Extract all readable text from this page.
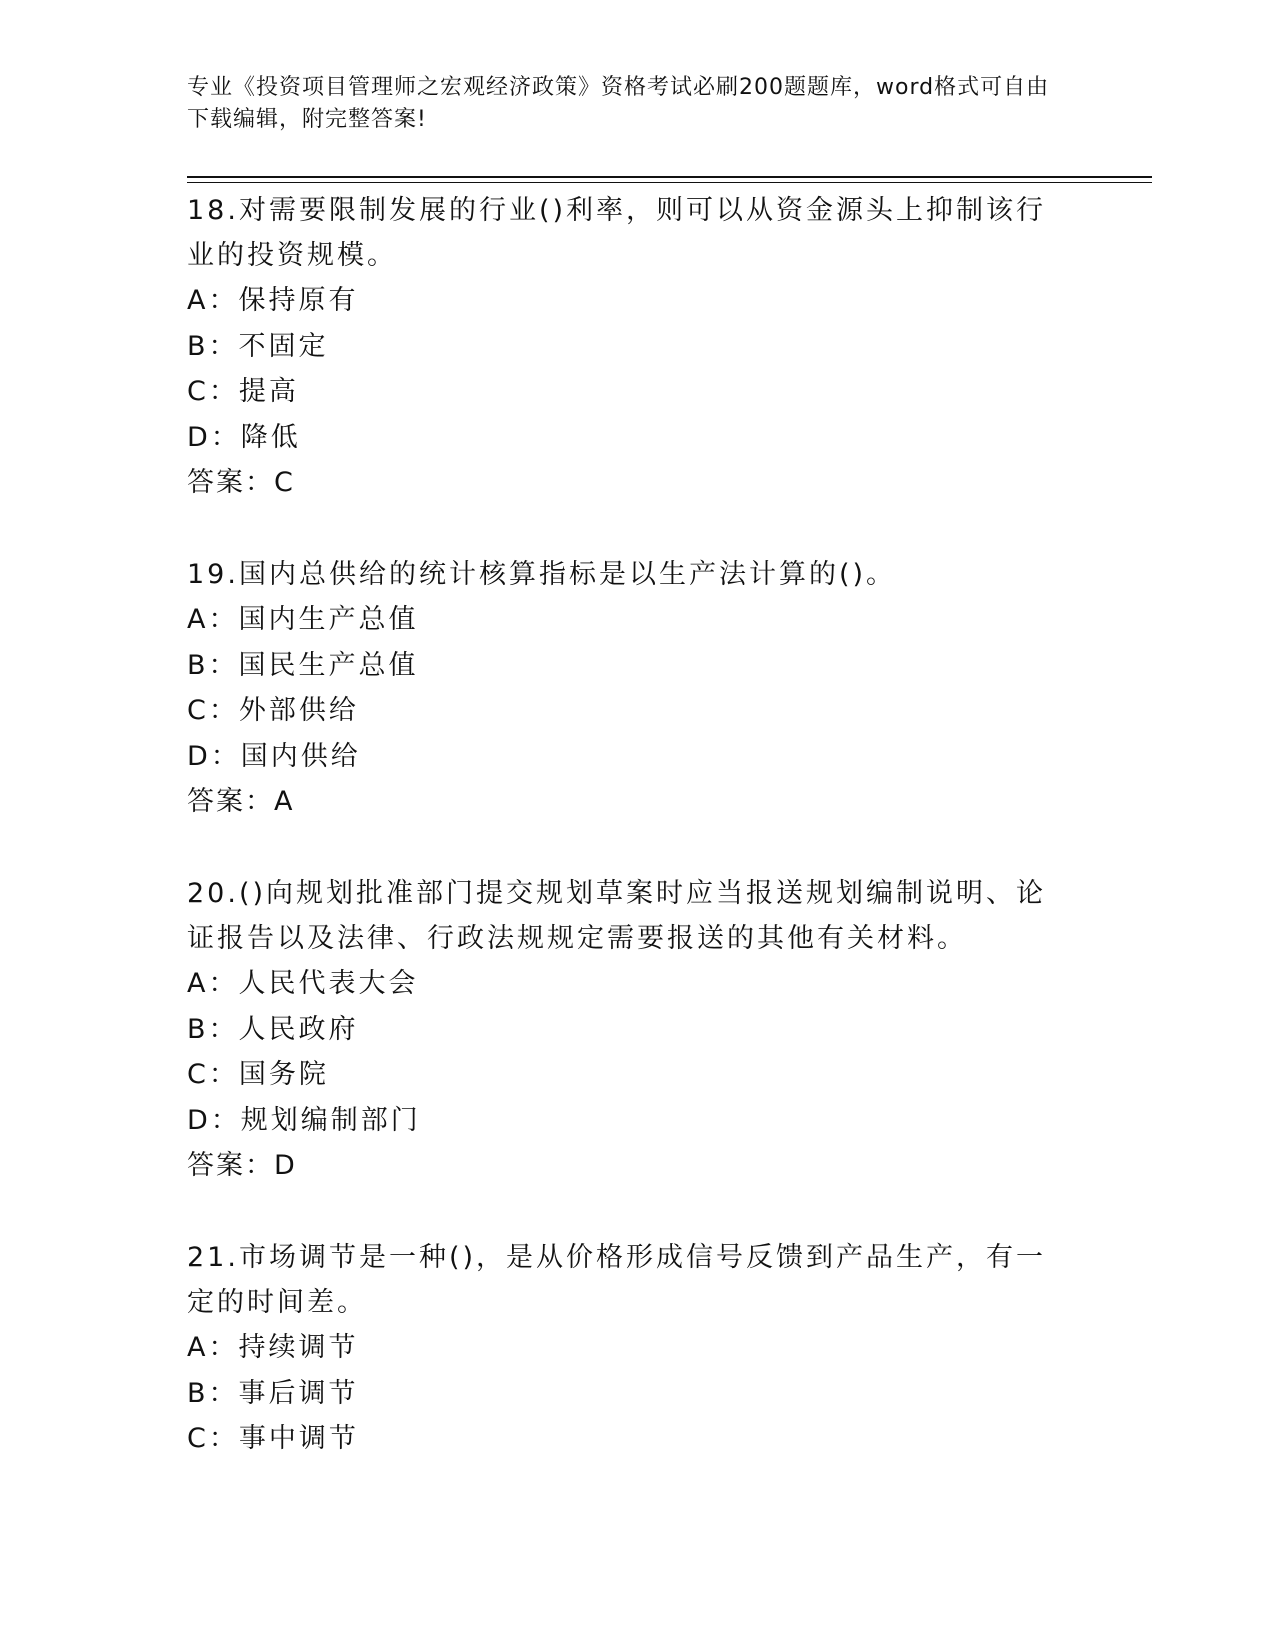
专业《投资项目管理师之宏观经济政策》资格考试必刷200题题库，word格式可自由下载编辑，附完整答案!
18.对需要限制发展的行业()利率，则可以从资金源头上抑制该行业的投资规模。
A：保持原有
B：不固定
C：提高
D：降低
答案：C
19.国内总供给的统计核算指标是以生产法计算的()。
A：国内生产总值
B：国民生产总值
C：外部供给
D：国内供给
答案：A
20.()向规划批准部门提交规划草案时应当报送规划编制说明、论证报告以及法律、行政法规规定需要报送的其他有关材料。
A：人民代表大会
B：人民政府
C：国务院
D：规划编制部门
答案：D
21.市场调节是一种()，是从价格形成信号反馈到产品生产，有一定的时间差。
A：持续调节
B：事后调节
C：事中调节
